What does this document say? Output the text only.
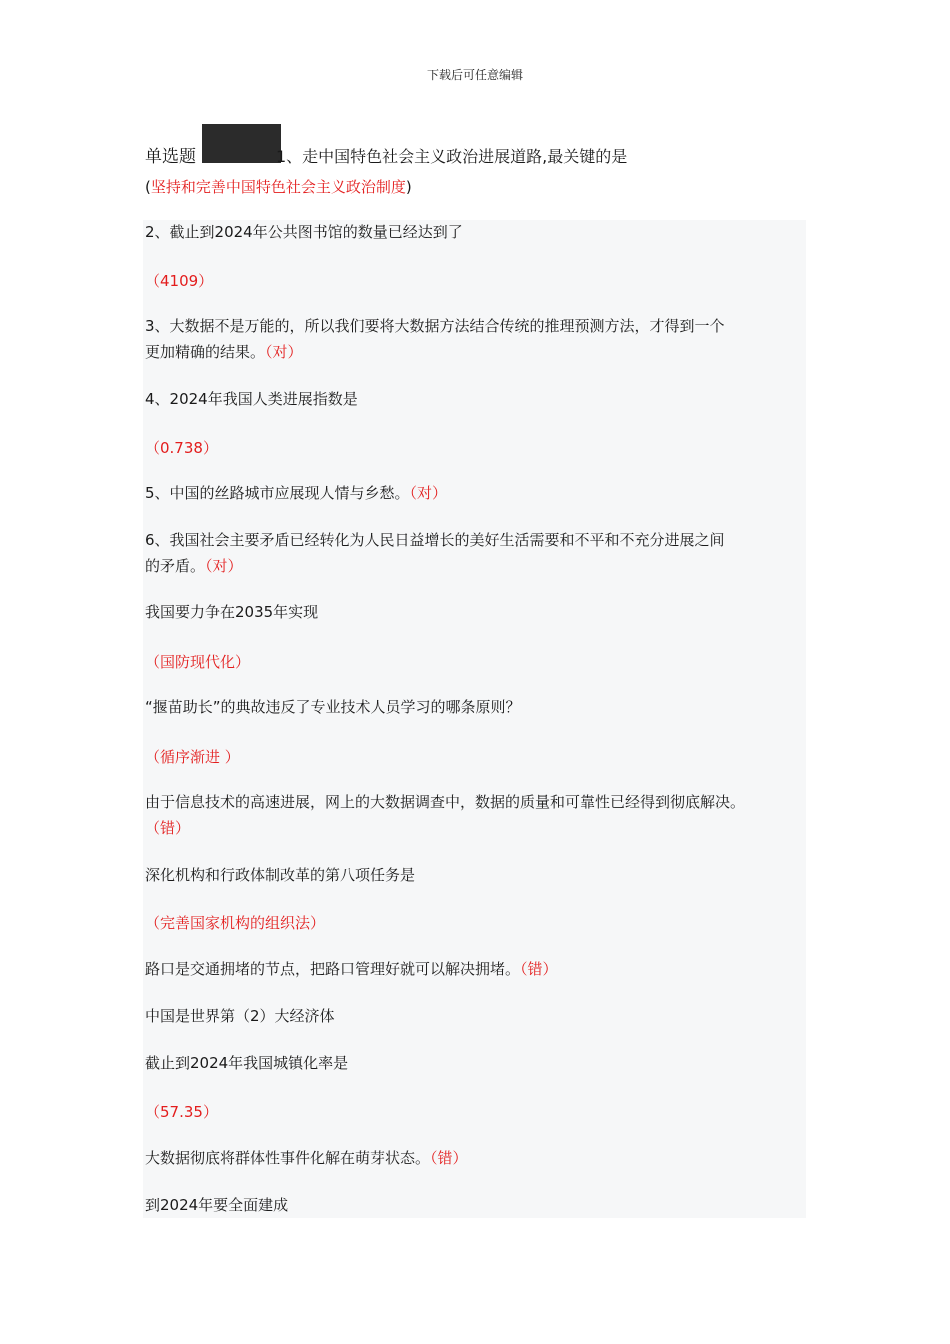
下载后可任意编辑
单选题	1、走中国特色社会主义政治进展道路,最关键的是
(坚持和完善中国特色社会主义政治制度)
2、截止到2024年公共图书馆的数量已经达到了
（4109）
3、大数据不是万能的，所以我们要将大数据方法结合传统的推理预测方法，才得到一个
更加精确的结果。（对）
4、2024年我国人类进展指数是
（0.738）
5、中国的丝路城市应展现人情与乡愁。（对）
6、我国社会主要矛盾已经转化为人民日益增长的美好生活需要和不平和不充分进展之间
的矛盾。（对）
我国要力争在2035年实现
（国防现代化）
“揠苗助长”的典故违反了专业技术人员学习的哪条原则？
（循序渐进 ）
由于信息技术的高速进展，网上的大数据调查中，数据的质量和可靠性已经得到彻底解决。
（错）
深化机构和行政体制改革的第八项任务是
（完善国家机构的组织法）
路口是交通拥堵的节点，把路口管理好就可以解决拥堵。（错）
中国是世界第（2）大经济体
截止到2024年我国城镇化率是
（57.35）
大数据彻底将群体性事件化解在萌芽状态。（错）
到2024年要全面建成
